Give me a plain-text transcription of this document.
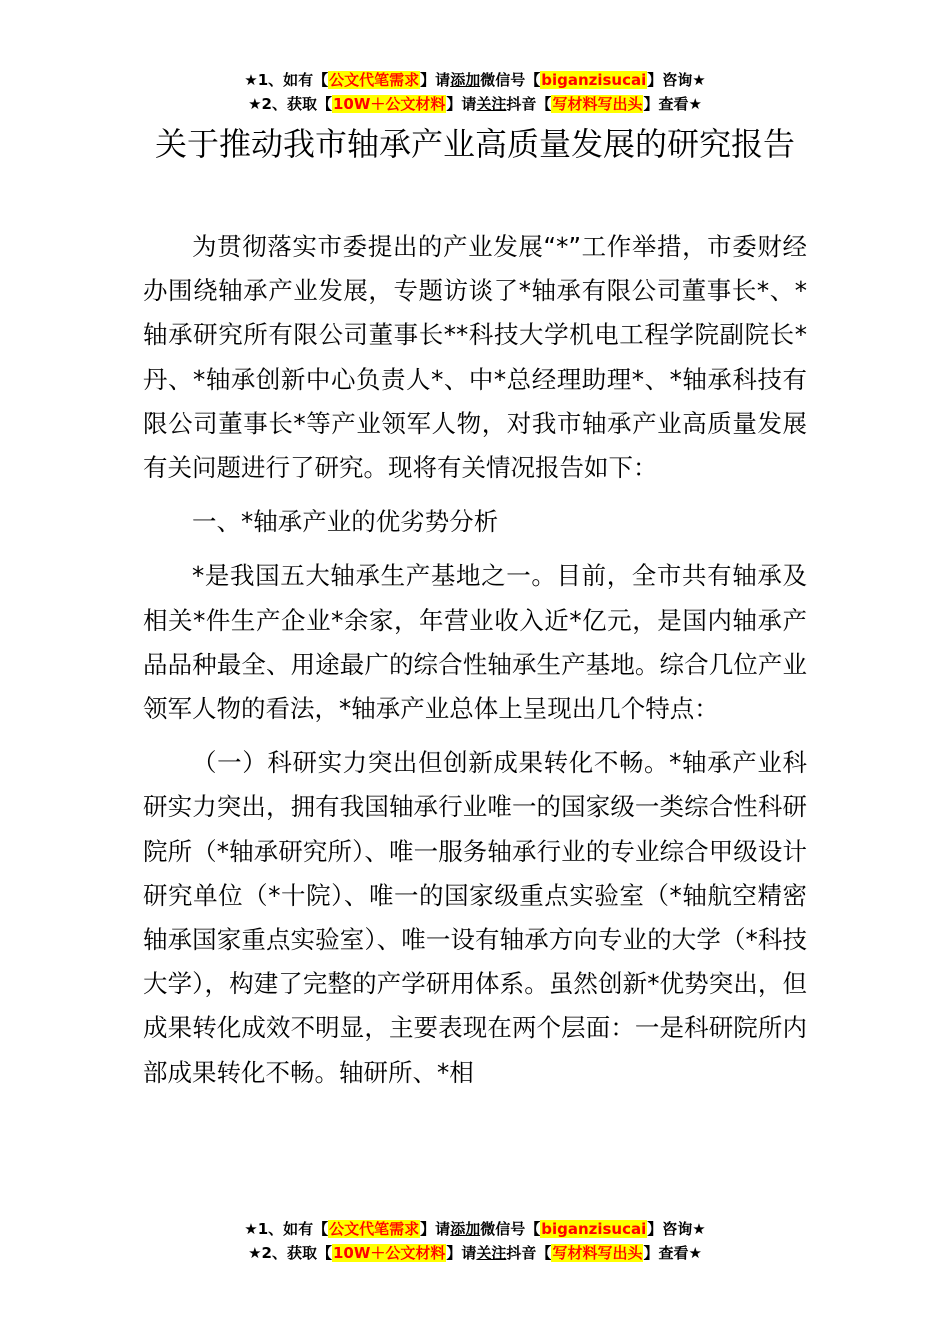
★1、如有【公文代笔需求】请添加微信号【biganzisucai】咨询★
★2、获取【10W＋公文材料】请关注抖音【写材料写出头】查看★
关于推动我市轴承产业高质量发展的研究报告

为贯彻落实市委提出的产业发展“*”工作举措，市委财经办围绕轴承产业发展，专题访谈了*轴承有限公司董事长*、*轴承研究所有限公司董事长**科技大学机电工程学院副院长*丹、*轴承创新中心负责人*、中*总经理助理*、*轴承科技有限公司董事长*等产业领军人物，对我市轴承产业高质量发展有关问题进行了研究。现将有关情况报告如下：

一、*轴承产业的优劣势分析

*是我国五大轴承生产基地之一。目前，全市共有轴承及相关*件生产企业*余家，年营业收入近*亿元，是国内轴承产品品种最全、用途最广的综合性轴承生产基地。综合几位产业领军人物的看法，*轴承产业总体上呈现出几个特点：

（一）科研实力突出但创新成果转化不畅。*轴承产业科研实力突出，拥有我国轴承行业唯一的国家级一类综合性科研院所（*轴承研究所）、唯一服务轴承行业的专业综合甲级设计研究单位（*十院）、唯一的国家级重点实验室（*轴航空精密轴承国家重点实验室）、唯一设有轴承方向专业的大学（*科技大学），构建了完整的产学研用体系。虽然创新*优势突出，但成果转化成效不明显，主要表现在两个层面：一是科研院所内部成果转化不畅。轴研所、*相

★1、如有【公文代笔需求】请添加微信号【biganzisucai】咨询★
★2、获取【10W＋公文材料】请关注抖音【写材料写出头】查看★
